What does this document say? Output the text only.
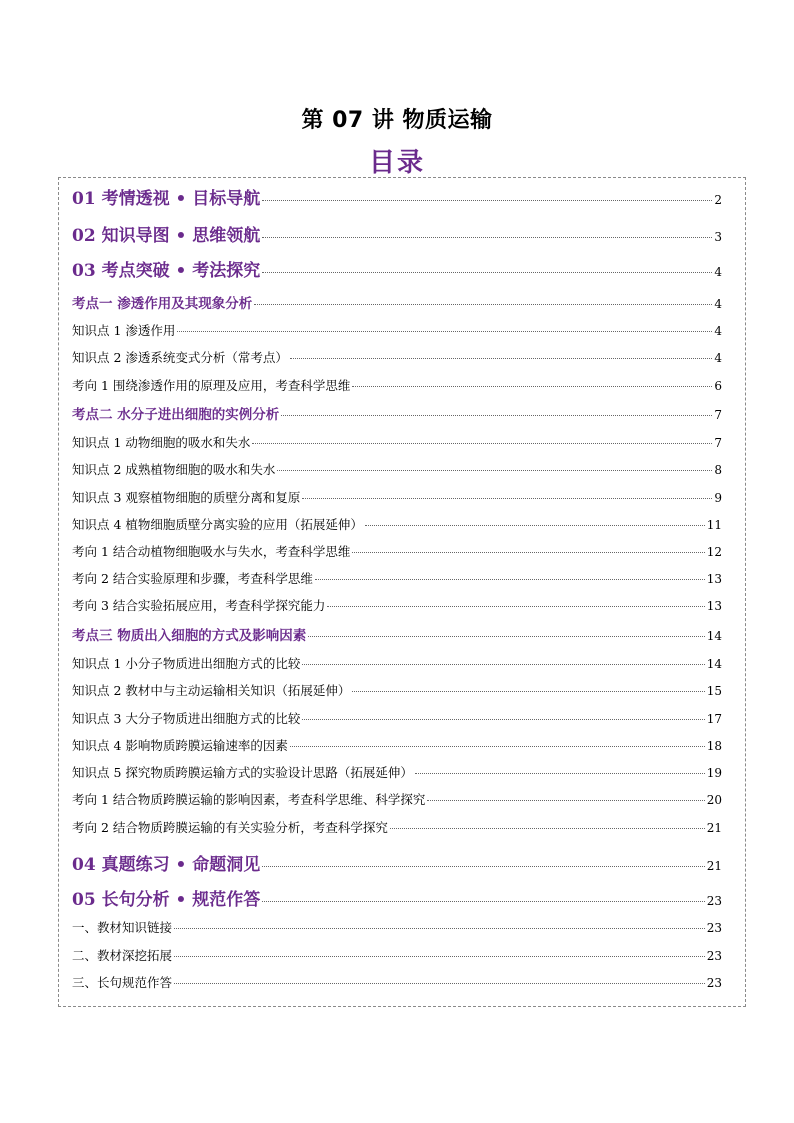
第 07 讲 物质运输
目录
01 考情透视 • 目标导航	2
02 知识导图 • 思维领航	3
03 考点突破 • 考法探究	4
考点一 渗透作用及其现象分析	4
知识点 1 渗透作用	4
知识点 2 渗透系统变式分析（常考点）	4
考向 1 围绕渗透作用的原理及应用，考查科学思维	6
考点二 水分子进出细胞的实例分析	7
知识点 1 动物细胞的吸水和失水	7
知识点 2 成熟植物细胞的吸水和失水	8
知识点 3 观察植物细胞的质壁分离和复原	9
知识点 4 植物细胞质壁分离实验的应用（拓展延伸）	11
考向 1 结合动植物细胞吸水与失水，考查科学思维	12
考向 2 结合实验原理和步骤，考查科学思维	13
考向 3 结合实验拓展应用，考查科学探究能力	13
考点三 物质出入细胞的方式及影响因素	14
知识点 1 小分子物质进出细胞方式的比较	14
知识点 2 教材中与主动运输相关知识（拓展延伸）	15
知识点 3 大分子物质进出细胞方式的比较	17
知识点 4 影响物质跨膜运输速率的因素	18
知识点 5 探究物质跨膜运输方式的实验设计思路（拓展延伸）	19
考向 1 结合物质跨膜运输的影响因素，考查科学思维、科学探究	20
考向 2 结合物质跨膜运输的有关实验分析，考查科学探究	21
04 真题练习 • 命题洞见	21
05 长句分析 • 规范作答	23
一、教材知识链接	23
二、教材深挖拓展	23
三、长句规范作答	23
